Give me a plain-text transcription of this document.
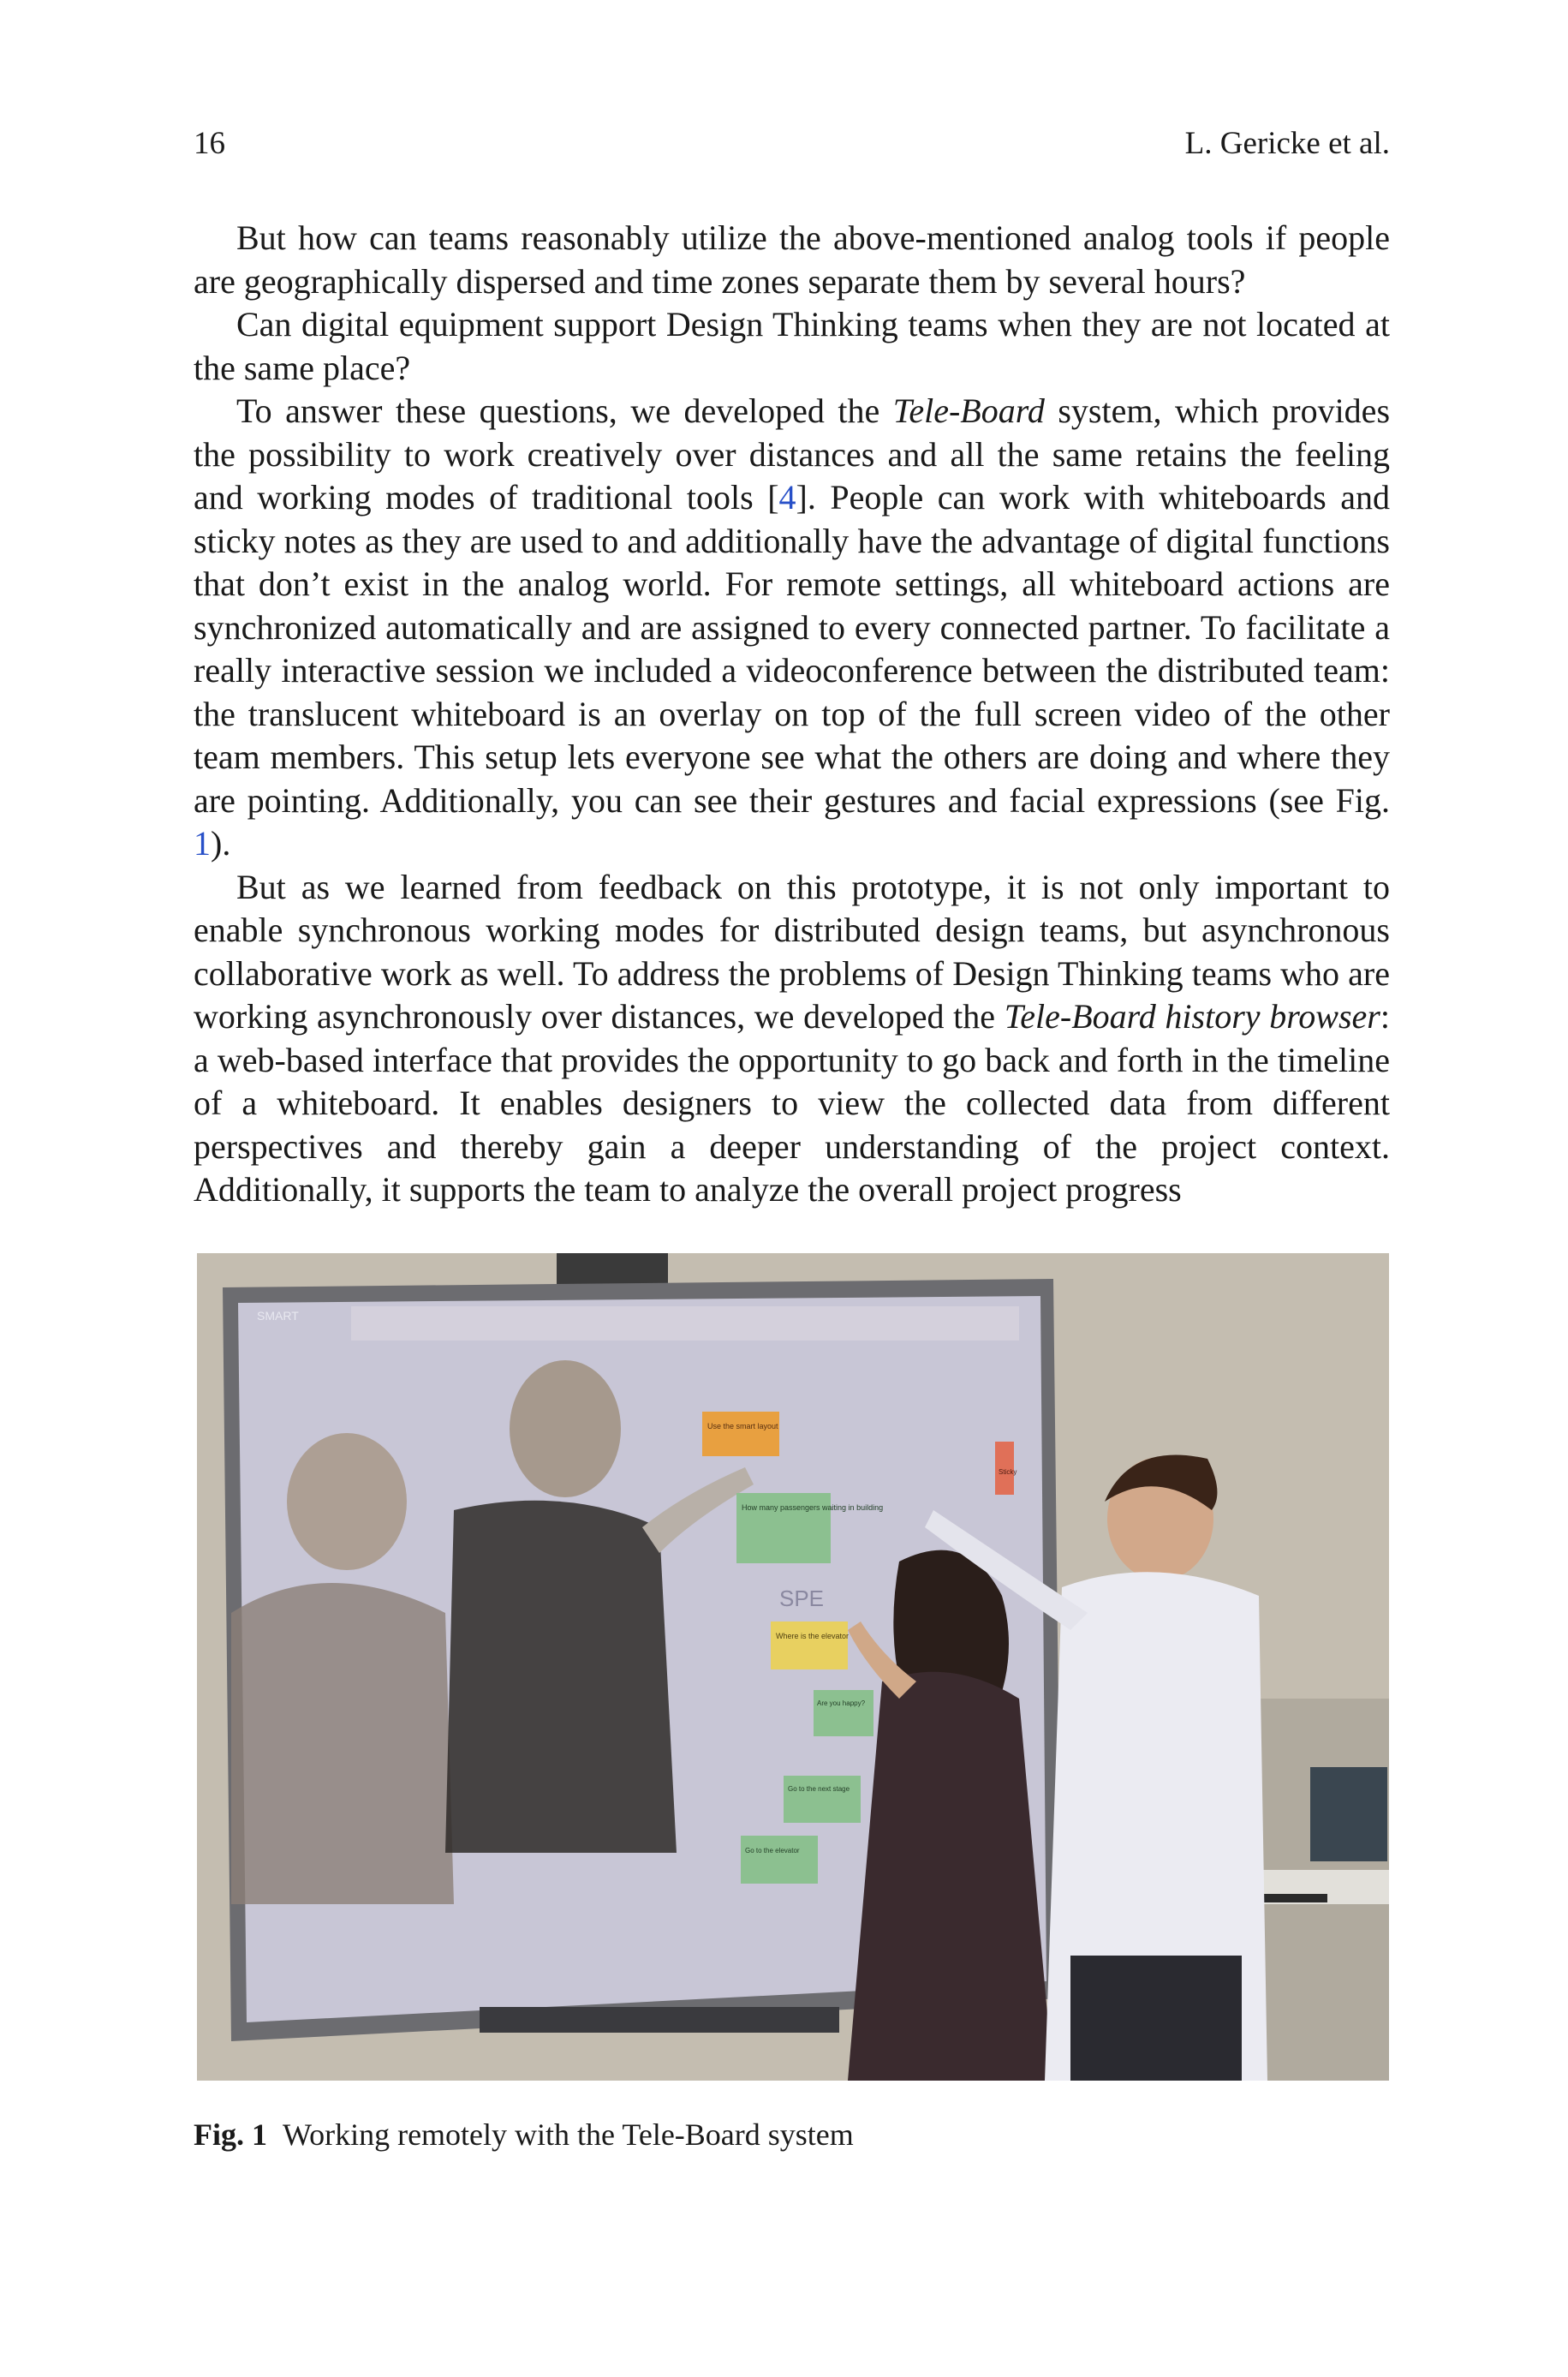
16	L. Gericke et al.

But how can teams reasonably utilize the above-mentioned analog tools if people are geographically dispersed and time zones separate them by several hours?

Can digital equipment support Design Thinking teams when they are not located at the same place?

To answer these questions, we developed the Tele-Board system, which provides the possibility to work creatively over distances and all the same retains the feeling and working modes of traditional tools [4]. People can work with whiteboards and sticky notes as they are used to and additionally have the advantage of digital functions that don’t exist in the analog world. For remote settings, all whiteboard actions are synchronized automatically and are assigned to every connected partner. To facilitate a really interactive session we included a videoconference between the distributed team: the translucent whiteboard is an overlay on top of the full screen video of the other team members. This setup lets everyone see what the others are doing and where they are pointing. Additionally, you can see their gestures and facial expressions (see Fig. 1).

But as we learned from feedback on this prototype, it is not only important to enable synchronous working modes for distributed design teams, but asynchronous collaborative work as well. To address the problems of Design Thinking teams who are working asynchronously over distances, we developed the Tele-Board history browser: a web-based interface that provides the opportunity to go back and forth in the timeline of a whiteboard. It enables designers to view the collected data from different perspectives and thereby gain a deeper understanding of the project context. Additionally, it supports the team to analyze the overall project progress

SMART
Use the smart layout
How many passengers waiting in building
Where is the elevator
Are you happy?
Go to the next stage
Go to the elevator
SPE
Sticky
Fig. 1 Working remotely with the Tele-Board system
